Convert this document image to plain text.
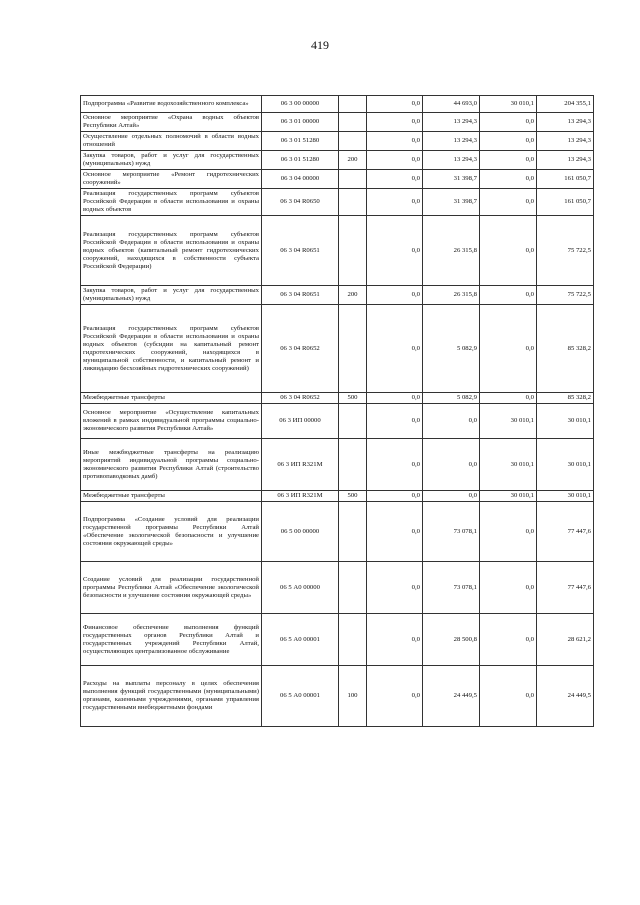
419
Подпрограмма «Развитие водохозяйственного комплекса»	06 3 00 00000		0,0	44 693,0	30 010,1	204 355,1
Основное мероприятие «Охрана водных объектов Республики Алтай»	06 3 01 00000		0,0	13 294,3	0,0	13 294,3
Осуществление отдельных полномочий в области водных отношений	06 3 01 51280		0,0	13 294,3	0,0	13 294,3
Закупка товаров, работ и услуг для государственных (муниципальных) нужд	06 3 01 51280	200	0,0	13 294,3	0,0	13 294,3
Основное мероприятие «Ремонт гидротехнических сооружений»	06 3 04 00000		0,0	31 398,7	0,0	161 050,7
Реализация государственных программ субъектов Российской Федерации в области использования и охраны водных объектов	06 3 04 R0650		0,0	31 398,7	0,0	161 050,7
Реализация государственных программ субъектов Российской Федерации в области использования и охраны водных объектов (капитальный ремонт гидротехнических сооружений, находящихся в собственности субъекта Российской Федерации)	06 3 04 R0651		0,0	26 315,8	0,0	75 722,5
Закупка товаров, работ и услуг для государственных (муниципальных) нужд	06 3 04 R0651	200	0,0	26 315,8	0,0	75 722,5
Реализация государственных программ субъектов Российской Федерации в области использования и охраны водных объектов (субсидии на капитальный ремонт гидротехнических сооружений, находящихся в муниципальной собственности, и капитальный ремонт и ликвидацию бесхозяйных гидротехнических сооружений)	06 3 04 R0652		0,0	5 082,9	0,0	85 328,2
Межбюджетные трансферты	06 3 04 R0652	500	0,0	5 082,9	0,0	85 328,2
Основное мероприятие «Осуществление капитальных вложений в рамках индивидуальной программы социально-экономического развития Республики Алтай»	06 3 ИП 00000		0,0	0,0	30 010,1	30 010,1
Иные межбюджетные трансферты на реализацию мероприятий индивидуальной программы социально-экономического развития Республики Алтай (строительство противопаводковых дамб)	06 3 ИП R321M		0,0	0,0	30 010,1	30 010,1
Межбюджетные трансферты	06 3 ИП R321M	500	0,0	0,0	30 010,1	30 010,1
Подпрограмма «Создание условий для реализации государственной программы Республики Алтай «Обеспечение экологической безопасности и улучшение состояния окружающей среды»	06 5 00 00000		0,0	73 078,1	0,0	77 447,6
Создание условий для реализации государственной программы Республики Алтай «Обеспечение экологической безопасности и улучшение состояния окружающей среды»	06 5 А0 00000		0,0	73 078,1	0,0	77 447,6
Финансовое обеспечение выполнения функций государственных органов Республики Алтай и государственных учреждений Республики Алтай, осуществляющих централизованное обслуживание	06 5 А0 00001		0,0	28 500,8	0,0	28 621,2
Расходы на выплаты персоналу в целях обеспечения выполнения функций государственными (муниципальными) органами, казенными учреждениями, органами управления государственными внебюджетными фондами	06 5 А0 00001	100	0,0	24 449,5	0,0	24 449,5
